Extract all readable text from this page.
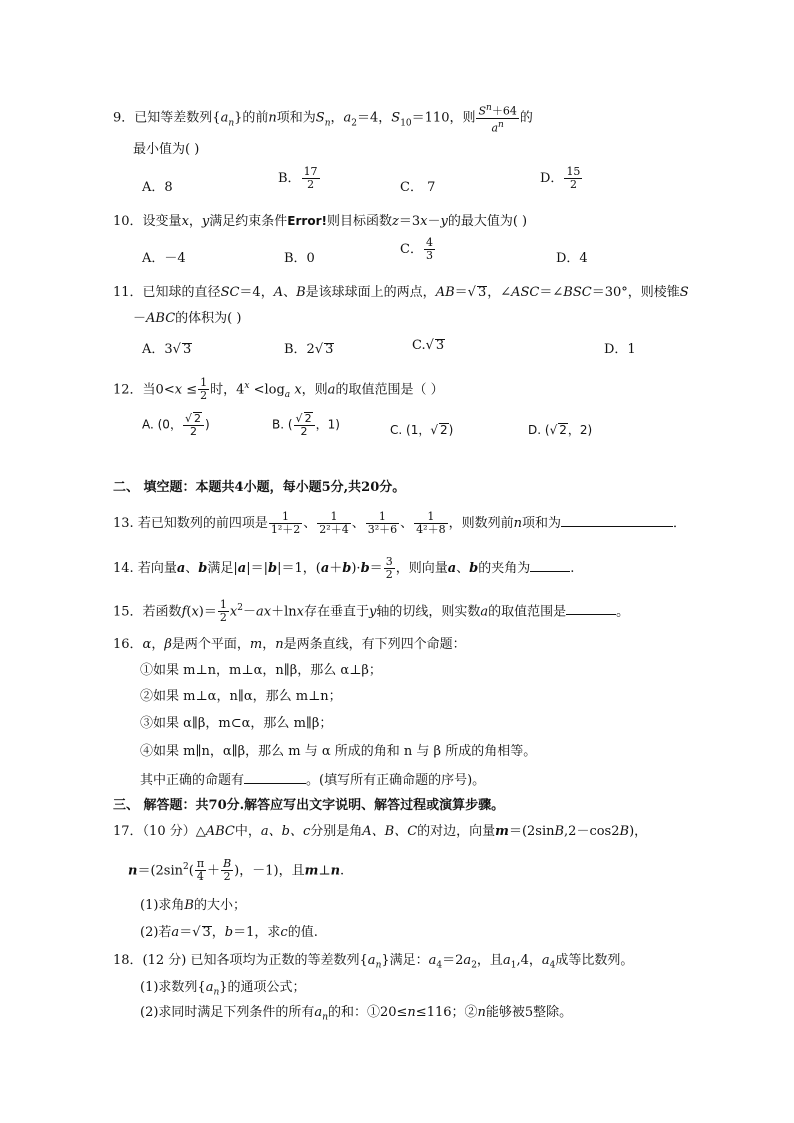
9．已知等差数列$\{a_n\}$的前n项和为$S_n$，$a_2=4$，$S_{10}=110$，则 $\frac{S^n+64}{a^n}$ 的
最小值为( )
A．8
B． $\frac{17}{2}$	C． 7
D． $\frac{15}{2}$
10．设变量x，y满足约束条件Error!则目标函数z＝3x－y的最大值为( )
A．－4	B．0
C． $\frac{4}{3}$	D．4
11．已知球的直径SC＝4，A、B是该球球面上的两点，AB＝√ 3，∠ASC＝∠BSC＝30°，则棱锥S
－ABC的体积为( )
A．3√ 3	B．2√ 3	C.√ 3	D．1
12．当$0<x \le \frac{1}{2}$ 时，$4^x <\log_a$ x，则a的取值范围是（ ）
A. (0， $\frac{√ 2}{2}$ )	B. ( $\frac{√ 2}{2}$ ，1)	C. (1，√ 2)	D. (√ 2，2)
二、 填空题：本题共4小题，每小题5分,共20分。
13. 若已知数列的前四项是 $\frac{1}{\text{1²＋2}}$ 、 $\frac{1}{\text{2²＋4}}$ 、 $\frac{1}{\text{3²＋6}}$ 、 $\frac{1}{\text{4²＋8}}$ ，则数列前n项和为	．
14. 若向量a、b满足|a|＝|b|＝1，$(a+b)\cdot b= \frac{3}{2}$ ，则向量a、b的夹角为	.
15．若函数$f(x)= \frac{1}{2} x^2-ax+\ln x$存在垂直于y轴的切线，则实数a的取值范围是	。
16．α，β是两个平面，m，n是两条直线，有下列四个命题：
①如果 m⊥n，m⊥α，n∥β，那么 α⊥β；
②如果 m⊥α，n∥α，那么 m⊥n；
③如果 α∥β，m⊂α，那么 m∥β；
④如果 m∥n，α∥β，那么 m 与 α 所成的角和 n 与 β 所成的角相等。
其中正确的命题有	。(填写所有正确命题的序号)。
三、 解答题：共70分.解答应写出文字说明、解答过程或演算步骤。
17．（10 分）△ABC中，a、b、c分别是角A、B、C的对边，向量m＝(2sinB,2－cos2B)，
$n=(2\sin^2( \frac{\pi}{4} + \frac{B}{2}$ )，－1)，且m⊥n.
(1)求角B的大小；
(2)若a＝√ 3，b＝1，求c的值.
18．(12 分) 已知各项均为正数的等差数列$\{a_n\}$满足：$a_4=2a_2$，且$a_1,4$，$a_4$成等比数列。
(1)求数列$\{a_n\}$的通项公式；
(2)求同时满足下列条件的所有$a_n$的和：①20≤n≤116；②n能够被5整除。
